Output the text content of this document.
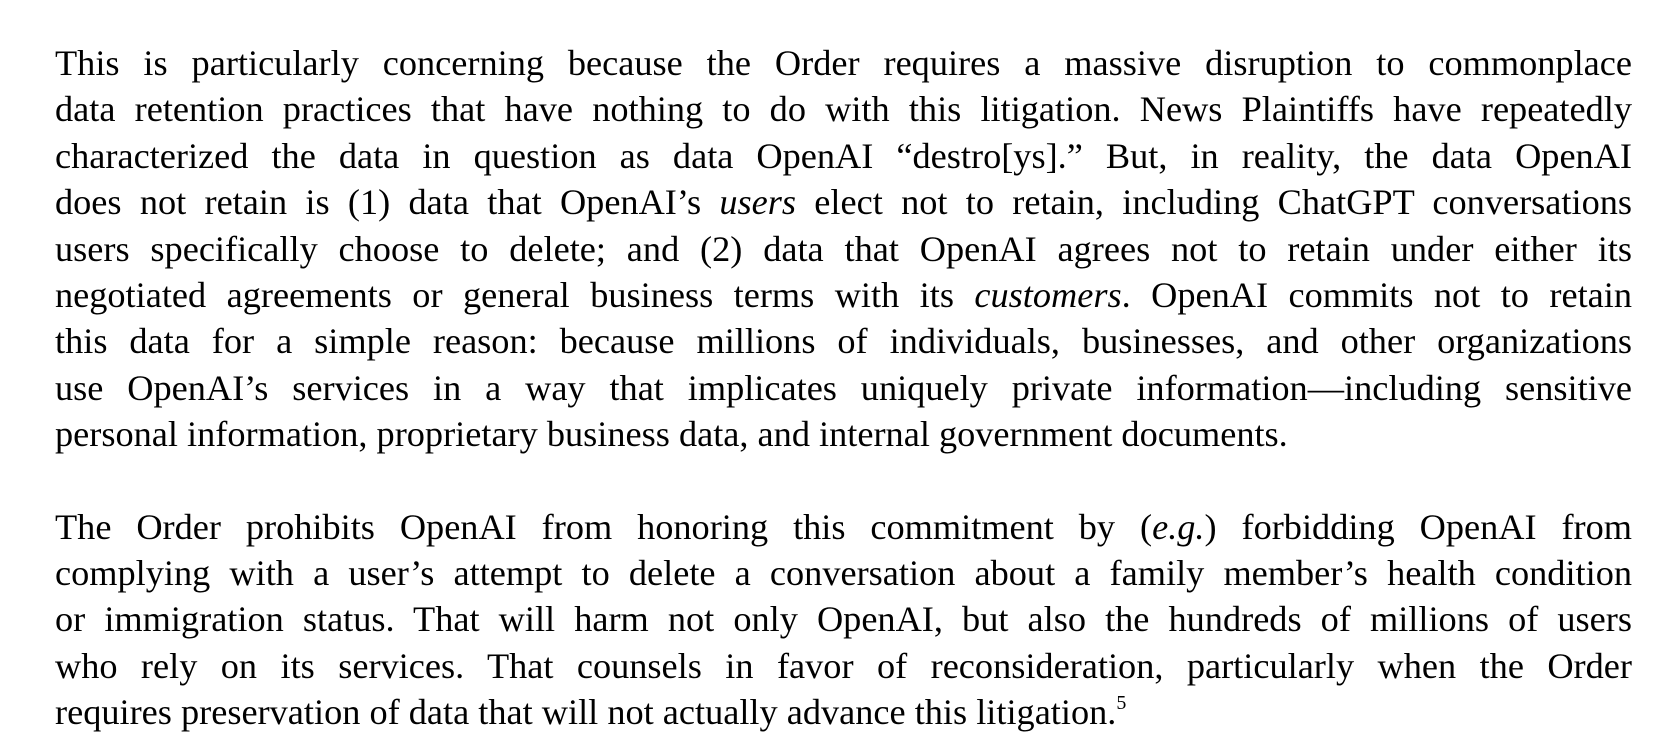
This is particularly concerning because the Order requires a massive disruption to commonplace
data retention practices that have nothing to do with this litigation. News Plaintiffs have repeatedly
characterized the data in question as data OpenAI “destro[ys].” But, in reality, the data OpenAI
does not retain is (1) data that OpenAI’s users elect not to retain, including ChatGPT conversations
users specifically choose to delete; and (2) data that OpenAI agrees not to retain under either its
negotiated agreements or general business terms with its customers. OpenAI commits not to retain
this data for a simple reason: because millions of individuals, businesses, and other organizations
use OpenAI’s services in a way that implicates uniquely private information—including sensitive
personal information, proprietary business data, and internal government documents.

The Order prohibits OpenAI from honoring this commitment by (e.g.) forbidding OpenAI from
complying with a user’s attempt to delete a conversation about a family member’s health condition
or immigration status. That will harm not only OpenAI, but also the hundreds of millions of users
who rely on its services. That counsels in favor of reconsideration, particularly when the Order
requires preservation of data that will not actually advance this litigation.$^5$
